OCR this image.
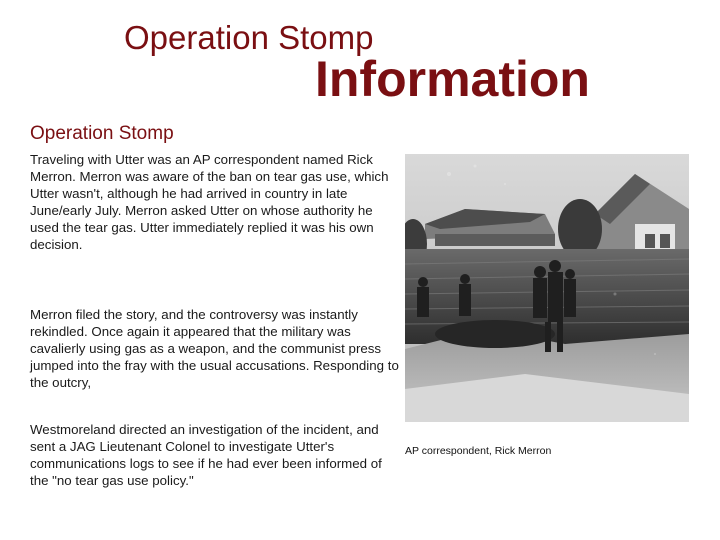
Operation Stomp
Information
Operation Stomp
Traveling with Utter was an AP correspondent named Rick Merron. Merron was aware of the ban on tear gas use, which Utter wasn't, although he had arrived in country in late June/early July. Merron asked Utter on whose authority he used the tear gas. Utter immediately replied it was his own decision.
Merron filed the story, and the controversy was instantly rekindled. Once again it appeared that the military was cavalierly using gas as a weapon, and the communist press jumped into the fray with the usual accusations. Responding to the outcry,
Westmoreland directed an investigation of the incident, and sent a JAG Lieutenant Colonel to investigate Utter's communications logs to see if he had ever been informed of the "no tear gas use policy."
AP correspondent, Rick Merron
